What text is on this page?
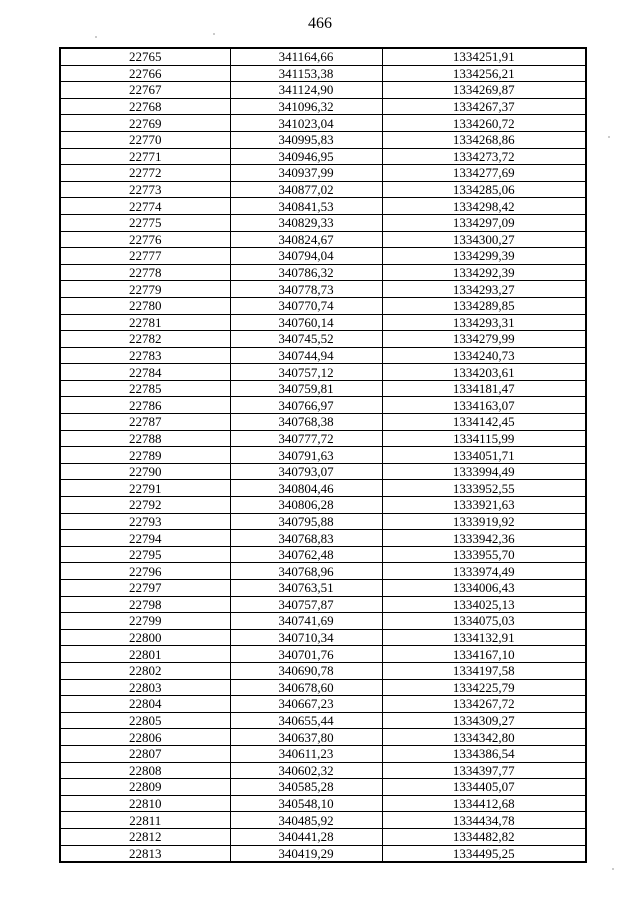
466
22765	341164,66	1334251,91
22766	341153,38	1334256,21
22767	341124,90	1334269,87
22768	341096,32	1334267,37
22769	341023,04	1334260,72
22770	340995,83	1334268,86
22771	340946,95	1334273,72
22772	340937,99	1334277,69
22773	340877,02	1334285,06
22774	340841,53	1334298,42
22775	340829,33	1334297,09
22776	340824,67	1334300,27
22777	340794,04	1334299,39
22778	340786,32	1334292,39
22779	340778,73	1334293,27
22780	340770,74	1334289,85
22781	340760,14	1334293,31
22782	340745,52	1334279,99
22783	340744,94	1334240,73
22784	340757,12	1334203,61
22785	340759,81	1334181,47
22786	340766,97	1334163,07
22787	340768,38	1334142,45
22788	340777,72	1334115,99
22789	340791,63	1334051,71
22790	340793,07	1333994,49
22791	340804,46	1333952,55
22792	340806,28	1333921,63
22793	340795,88	1333919,92
22794	340768,83	1333942,36
22795	340762,48	1333955,70
22796	340768,96	1333974,49
22797	340763,51	1334006,43
22798	340757,87	1334025,13
22799	340741,69	1334075,03
22800	340710,34	1334132,91
22801	340701,76	1334167,10
22802	340690,78	1334197,58
22803	340678,60	1334225,79
22804	340667,23	1334267,72
22805	340655,44	1334309,27
22806	340637,80	1334342,80
22807	340611,23	1334386,54
22808	340602,32	1334397,77
22809	340585,28	1334405,07
22810	340548,10	1334412,68
22811	340485,92	1334434,78
22812	340441,28	1334482,82
22813	340419,29	1334495,25
